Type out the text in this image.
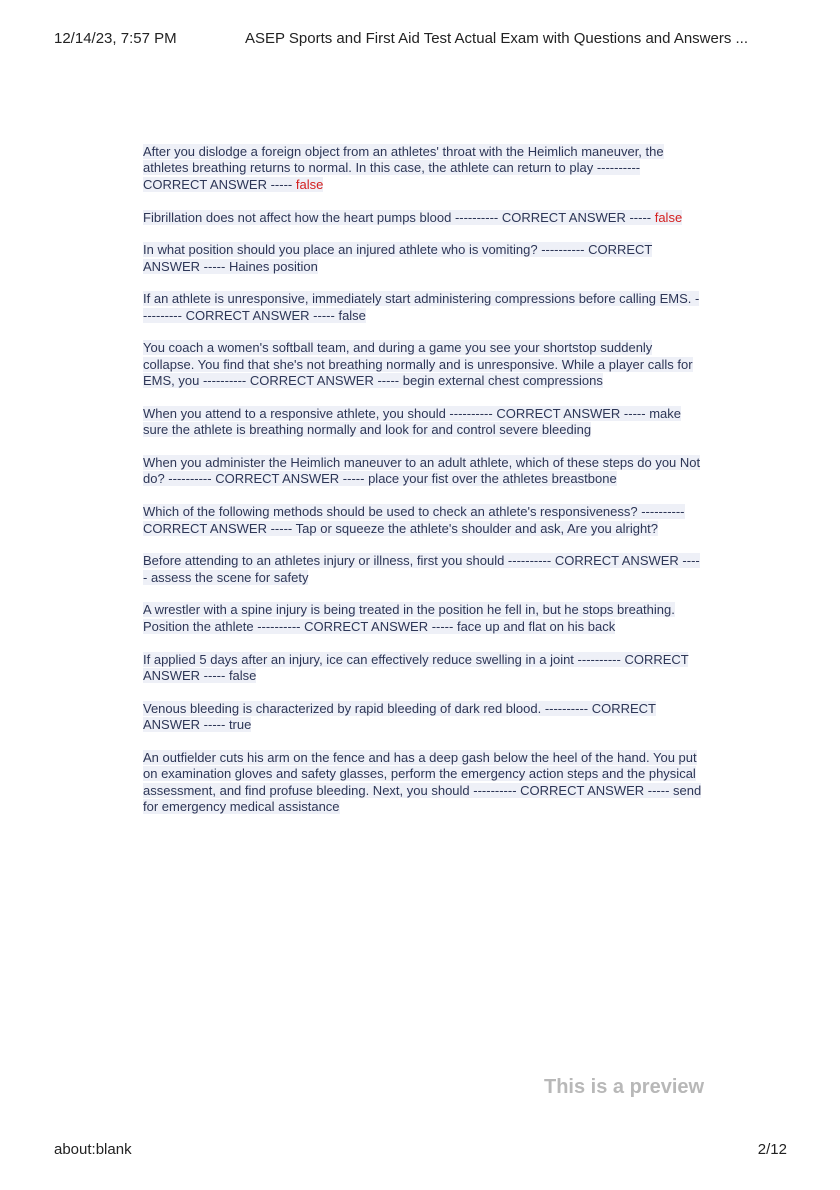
12/14/23, 7:57 PM	ASEP Sports and First Aid Test Actual Exam with Questions and Answers ...

After you dislodge a foreign object from an athletes' throat with the Heimlich maneuver, the athletes breathing returns to normal. In this case, the athlete can return to play ---------- CORRECT ANSWER ----- false

Fibrillation does not affect how the heart pumps blood ---------- CORRECT ANSWER ----- false

In what position should you place an injured athlete who is vomiting? ---------- CORRECT ANSWER ----- Haines position

If an athlete is unresponsive, immediately start administering compressions before calling EMS. ---------- CORRECT ANSWER ----- false

You coach a women's softball team, and during a game you see your shortstop suddenly collapse. You find that she's not breathing normally and is unresponsive. While a player calls for EMS, you ---------- CORRECT ANSWER ----- begin external chest compressions

When you attend to a responsive athlete, you should ---------- CORRECT ANSWER ----- make sure the athlete is breathing normally and look for and control severe bleeding

When you administer the Heimlich maneuver to an adult athlete, which of these steps do you Not do? ---------- CORRECT ANSWER ----- place your fist over the athletes breastbone

Which of the following methods should be used to check an athlete's responsiveness? ---------- CORRECT ANSWER ----- Tap or squeeze the athlete's shoulder and ask, Are you alright?

Before attending to an athletes injury or illness, first you should ---------- CORRECT ANSWER ----- assess the scene for safety

A wrestler with a spine injury is being treated in the position he fell in, but he stops breathing. Position the athlete ---------- CORRECT ANSWER ----- face up and flat on his back

If applied 5 days after an injury, ice can effectively reduce swelling in a joint ---------- CORRECT ANSWER ----- false

Venous bleeding is characterized by rapid bleeding of dark red blood. ---------- CORRECT ANSWER ----- true

An outfielder cuts his arm on the fence and has a deep gash below the heel of the hand. You put on examination gloves and safety glasses, perform the emergency action steps and the physical assessment, and find profuse bleeding. Next, you should ---------- CORRECT ANSWER ----- send for emergency medical assistance

This is a preview
about:blank	2/12
